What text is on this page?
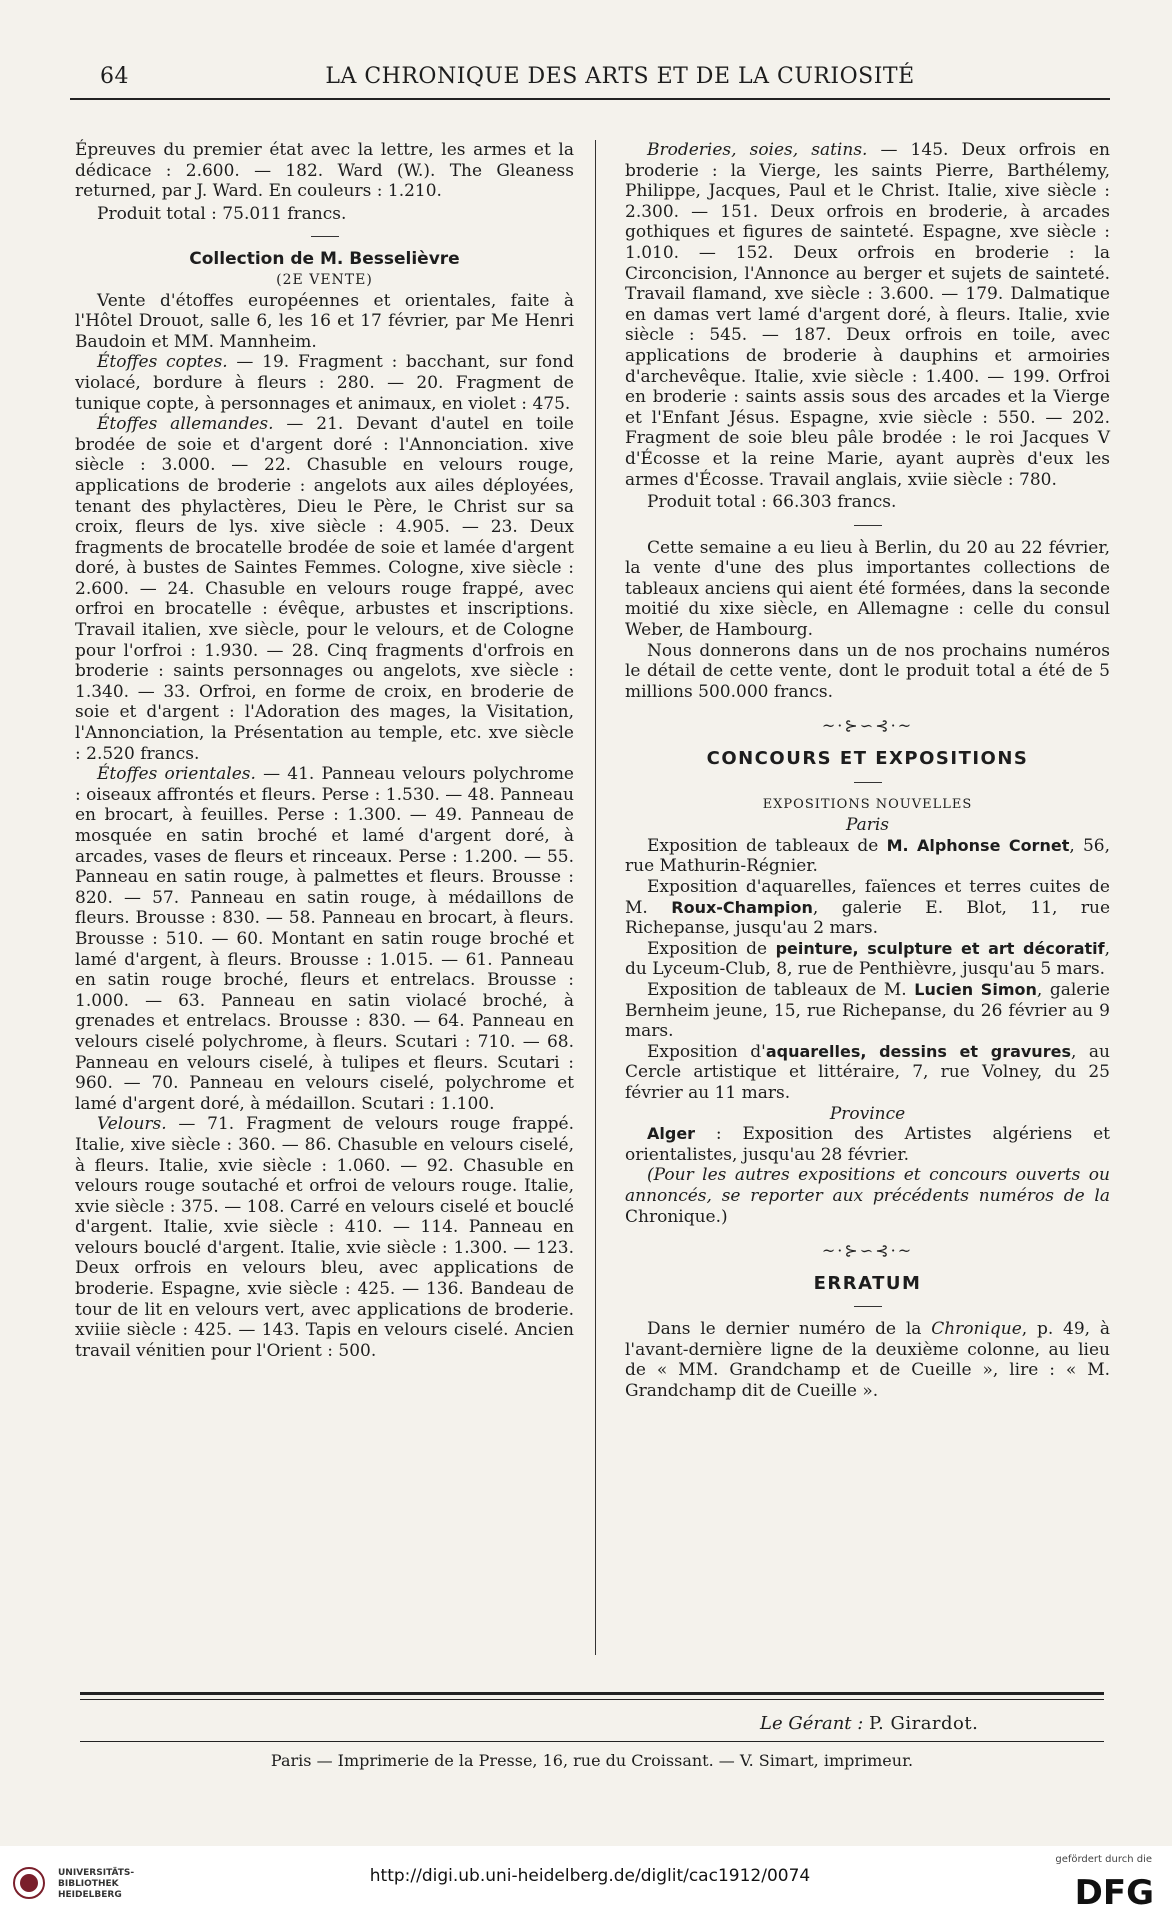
64	LA CHRONIQUE DES ARTS ET DE LA CURIOSITÉ

Épreuves du premier état avec la lettre, les armes et la dédicace : 2.600. — 182. Ward (W.). The Gleaness returned, par J. Ward. En couleurs : 1.210.

Produit total : 75.011 francs.

Collection de M. Besselièvre

(2E VENTE)

Vente d'étoffes européennes et orientales, faite à l'Hôtel Drouot, salle 6, les 16 et 17 février, par Me Henri Baudoin et MM. Mannheim.

Étoffes coptes. — 19. Fragment : bacchant, sur fond violacé, bordure à fleurs : 280. — 20. Fragment de tunique copte, à personnages et animaux, en violet : 475.

Étoffes allemandes. — 21. Devant d'autel en toile brodée de soie et d'argent doré : l'Annonciation. xive siècle : 3.000. — 22. Chasuble en velours rouge, applications de broderie : angelots aux ailes déployées, tenant des phylactères, Dieu le Père, le Christ sur sa croix, fleurs de lys. xive siècle : 4.905. — 23. Deux fragments de brocatelle brodée de soie et lamée d'argent doré, à bustes de Saintes Femmes. Cologne, xive siècle : 2.600. — 24. Chasuble en velours rouge frappé, avec orfroi en brocatelle : évêque, arbustes et inscriptions. Travail italien, xve siècle, pour le velours, et de Cologne pour l'orfroi : 1.930. — 28. Cinq fragments d'orfrois en broderie : saints personnages ou angelots, xve siècle : 1.340. — 33. Orfroi, en forme de croix, en broderie de soie et d'argent : l'Adoration des mages, la Visitation, l'Annonciation, la Présentation au temple, etc. xve siècle : 2.520 francs.

Étoffes orientales. — 41. Panneau velours polychrome : oiseaux affrontés et fleurs. Perse : 1.530. — 48. Panneau en brocart, à feuilles. Perse : 1.300. — 49. Panneau de mosquée en satin broché et lamé d'argent doré, à arcades, vases de fleurs et rinceaux. Perse : 1.200. — 55. Panneau en satin rouge, à palmettes et fleurs. Brousse : 820. — 57. Panneau en satin rouge, à médaillons de fleurs. Brousse : 830. — 58. Panneau en brocart, à fleurs. Brousse : 510. — 60. Montant en satin rouge broché et lamé d'argent, à fleurs. Brousse : 1.015. — 61. Panneau en satin rouge broché, fleurs et entrelacs. Brousse : 1.000. — 63. Panneau en satin violacé broché, à grenades et entrelacs. Brousse : 830. — 64. Panneau en velours ciselé polychrome, à fleurs. Scutari : 710. — 68. Panneau en velours ciselé, à tulipes et fleurs. Scutari : 960. — 70. Panneau en velours ciselé, polychrome et lamé d'argent doré, à médaillon. Scutari : 1.100.

Velours. — 71. Fragment de velours rouge frappé. Italie, xive siècle : 360. — 86. Chasuble en velours ciselé, à fleurs. Italie, xvie siècle : 1.060. — 92. Chasuble en velours rouge soutaché et orfroi de velours rouge. Italie, xvie siècle : 375. — 108. Carré en velours ciselé et bouclé d'argent. Italie, xvie siècle : 410. — 114. Panneau en velours bouclé d'argent. Italie, xvie siècle : 1.300. — 123. Deux orfrois en velours bleu, avec applications de broderie. Espagne, xvie siècle : 425. — 136. Bandeau de tour de lit en velours vert, avec applications de broderie. xviiie siècle : 425. — 143. Tapis en velours ciselé. Ancien travail vénitien pour l'Orient : 500.

Broderies, soies, satins. — 145. Deux orfrois en broderie : la Vierge, les saints Pierre, Barthélemy, Philippe, Jacques, Paul et le Christ. Italie, xive siècle : 2.300. — 151. Deux orfrois en broderie, à arcades gothiques et figures de sainteté. Espagne, xve siècle : 1.010. — 152. Deux orfrois en broderie : la Circoncision, l'Annonce au berger et sujets de sainteté. Travail flamand, xve siècle : 3.600. — 179. Dalmatique en damas vert lamé d'argent doré, à fleurs. Italie, xvie siècle : 545. — 187. Deux orfrois en toile, avec applications de broderie à dauphins et armoiries d'archevêque. Italie, xvie siècle : 1.400. — 199. Orfroi en broderie : saints assis sous des arcades et la Vierge et l'Enfant Jésus. Espagne, xvie siècle : 550. — 202. Fragment de soie bleu pâle brodée : le roi Jacques V d'Écosse et la reine Marie, ayant auprès d'eux les armes d'Écosse. Travail anglais, xviie siècle : 780.

Produit total : 66.303 francs.

Cette semaine a eu lieu à Berlin, du 20 au 22 février, la vente d'une des plus importantes collections de tableaux anciens qui aient été formées, dans la seconde moitié du xixe siècle, en Allemagne : celle du consul Weber, de Hambourg.

Nous donnerons dans un de nos prochains numéros le détail de cette vente, dont le produit total a été de 5 millions 500.000 francs.

~·⊱∽⊰·~
CONCOURS ET EXPOSITIONS
EXPOSITIONS NOUVELLES
Paris

Exposition de tableaux de M. Alphonse Cornet, 56, rue Mathurin-Régnier.

Exposition d'aquarelles, faïences et terres cuites de M. Roux-Champion, galerie E. Blot, 11, rue Richepanse, jusqu'au 2 mars.

Exposition de peinture, sculpture et art décoratif, du Lyceum-Club, 8, rue de Penthièvre, jusqu'au 5 mars.

Exposition de tableaux de M. Lucien Simon, galerie Bernheim jeune, 15, rue Richepanse, du 26 février au 9 mars.

Exposition d'aquarelles, dessins et gravures, au Cercle artistique et littéraire, 7, rue Volney, du 25 février au 11 mars.

Province

Alger : Exposition des Artistes algériens et orientalistes, jusqu'au 28 février.

(Pour les autres expositions et concours ouverts ou annoncés, se reporter aux précédents numéros de la Chronique.)

~·⊱∽⊰·~
ERRATUM

Dans le dernier numéro de la Chronique, p. 49, à l'avant-dernière ligne de la deuxième colonne, au lieu de « MM. Grandchamp et de Cueille », lire : « M. Grandchamp dit de Cueille ».

Le Gérant : P. Girardot.
Paris — Imprimerie de la Presse, 16, rue du Croissant. — V. Simart, imprimeur.
UNIVERSITÄTS-
BIBLIOTHEK
HEIDELBERG
http://digi.ub.uni-heidelberg.de/diglit/cac1912/0074
gefördert durch die
DFG
